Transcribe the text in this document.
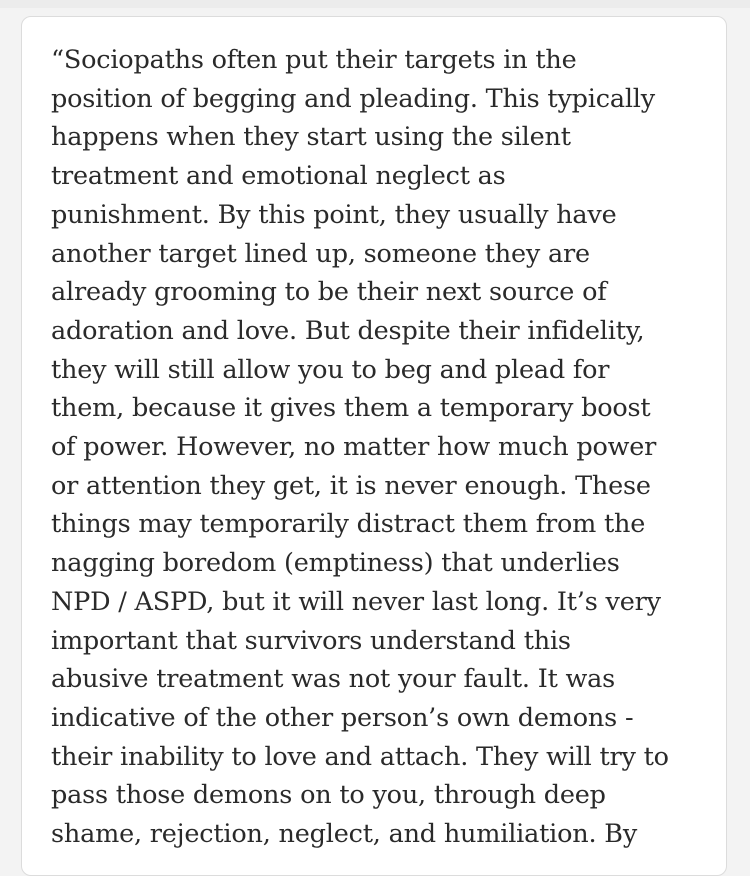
“Sociopaths often put their targets in the
position of begging and pleading. This typically
happens when they start using the silent
treatment and emotional neglect as
punishment. By this point, they usually have
another target lined up, someone they are
already grooming to be their next source of
adoration and love. But despite their infidelity,
they will still allow you to beg and plead for
them, because it gives them a temporary boost
of power. However, no matter how much power
or attention they get, it is never enough. These
things may temporarily distract them from the
nagging boredom (emptiness) that underlies
NPD / ASPD, but it will never last long. It’s very
important that survivors understand this
abusive treatment was not your fault. It was
indicative of the other person’s own demons -
their inability to love and attach. They will try to
pass those demons on to you, through deep
shame, rejection, neglect, and humiliation. By
